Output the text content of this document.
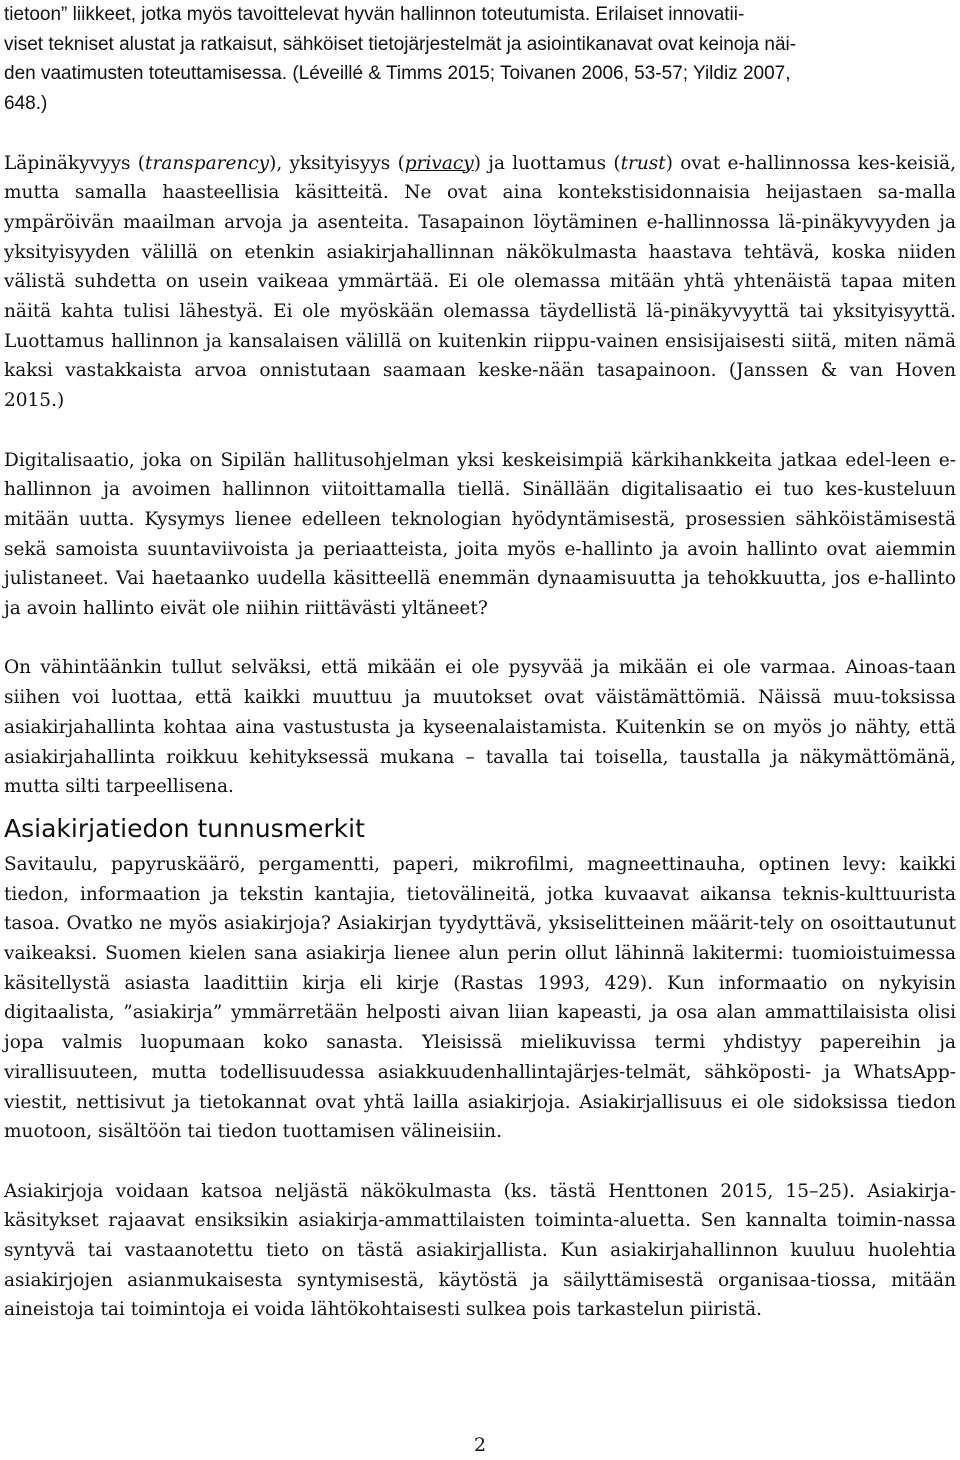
tietoon” liikkeet, jotka myös tavoittelevat hyvän hallinnon toteutumista. Erilaiset innovatii-

viset tekniset alustat ja ratkaisut, sähköiset tietojärjestelmät ja asiointikanavat ovat keinoja näi-

den vaatimusten toteuttamisessa. (Léveillé & Timms 2015; Toivanen 2006, 53-57; Yildiz 2007,

648.)

Läpinäkyvyys (transparency), yksityisyys (privacy) ja luottamus (trust) ovat e-hallinnossa kes-keisiä, mutta samalla haasteellisia käsitteitä. Ne ovat aina kontekstisidonnaisia heijastaen sa-malla ympäröivän maailman arvoja ja asenteita. Tasapainon löytäminen e-hallinnossa lä-pinäkyvyyden ja yksityisyyden välillä on etenkin asiakirjahallinnan näkökulmasta haastava tehtävä, koska niiden välistä suhdetta on usein vaikeaa ymmärtää. Ei ole olemassa mitään yhtä yhtenäistä tapaa miten näitä kahta tulisi lähestyä. Ei ole myöskään olemassa täydellistä lä-pinäkyvyyttä tai yksityisyyttä. Luottamus hallinnon ja kansalaisen välillä on kuitenkin riippu-vainen ensisijaisesti siitä, miten nämä kaksi vastakkaista arvoa onnistutaan saamaan keske-nään tasapainoon. (Janssen & van Hoven 2015.)

Digitalisaatio, joka on Sipilän hallitusohjelman yksi keskeisimpiä kärkihankkeita jatkaa edel-leen e-hallinnon ja avoimen hallinnon viitoittamalla tiellä. Sinällään digitalisaatio ei tuo kes-kusteluun mitään uutta. Kysymys lienee edelleen teknologian hyödyntämisestä, prosessien sähköistämisestä sekä samoista suuntaviivoista ja periaatteista, joita myös e-hallinto ja avoin hallinto ovat aiemmin julistaneet. Vai haetaanko uudella käsitteellä enemmän dynaamisuutta ja tehokkuutta, jos e-hallinto ja avoin hallinto eivät ole niihin riittävästi yltäneet?

On vähintäänkin tullut selväksi, että mikään ei ole pysyvää ja mikään ei ole varmaa. Ainoas-taan siihen voi luottaa, että kaikki muuttuu ja muutokset ovat väistämättömiä. Näissä muu-toksissa asiakirjahallinta kohtaa aina vastustusta ja kyseenalaistamista. Kuitenkin se on myös jo nähty, että asiakirjahallinta roikkuu kehityksessä mukana – tavalla tai toisella, taustalla ja näkymättömänä, mutta silti tarpeellisena.

Asiakirjatiedon tunnusmerkit

Savitaulu, papyruskäärö, pergamentti, paperi, mikrofilmi, magneettinauha, optinen levy: kaikki tiedon, informaation ja tekstin kantajia, tietovälineitä, jotka kuvaavat aikansa teknis-kulttuurista tasoa. Ovatko ne myös asiakirjoja? Asiakirjan tyydyttävä, yksiselitteinen määrit-tely on osoittautunut vaikeaksi. Suomen kielen sana asiakirja lienee alun perin ollut lähinnä lakitermi: tuomioistuimessa käsitellystä asiasta laadittiin kirja eli kirje (Rastas 1993, 429). Kun informaatio on nykyisin digitaalista, ”asiakirja” ymmärretään helposti aivan liian kapeasti, ja osa alan ammattilaisista olisi jopa valmis luopumaan koko sanasta. Yleisissä mielikuvissa termi yhdistyy papereihin ja virallisuuteen, mutta todellisuudessa asiakkuudenhallintajärjes-telmät, sähköposti- ja WhatsApp-viestit, nettisivut ja tietokannat ovat yhtä lailla asiakirjoja. Asiakirjallisuus ei ole sidoksissa tiedon muotoon, sisältöön tai tiedon tuottamisen välineisiin.

Asiakirjoja voidaan katsoa neljästä näkökulmasta (ks. tästä Henttonen 2015, 15–25). Asiakirja-käsitykset rajaavat ensiksikin asiakirja-ammattilaisten toiminta-aluetta. Sen kannalta toimin-nassa syntyvä tai vastaanotettu tieto on tästä asiakirjallista. Kun asiakirjahallinnon kuuluu huolehtia asiakirjojen asianmukaisesta syntymisestä, käytöstä ja säilyttämisestä organisaa-tiossa, mitään aineistoja tai toimintoja ei voida lähtökohtaisesti sulkea pois tarkastelun piiristä.

2
